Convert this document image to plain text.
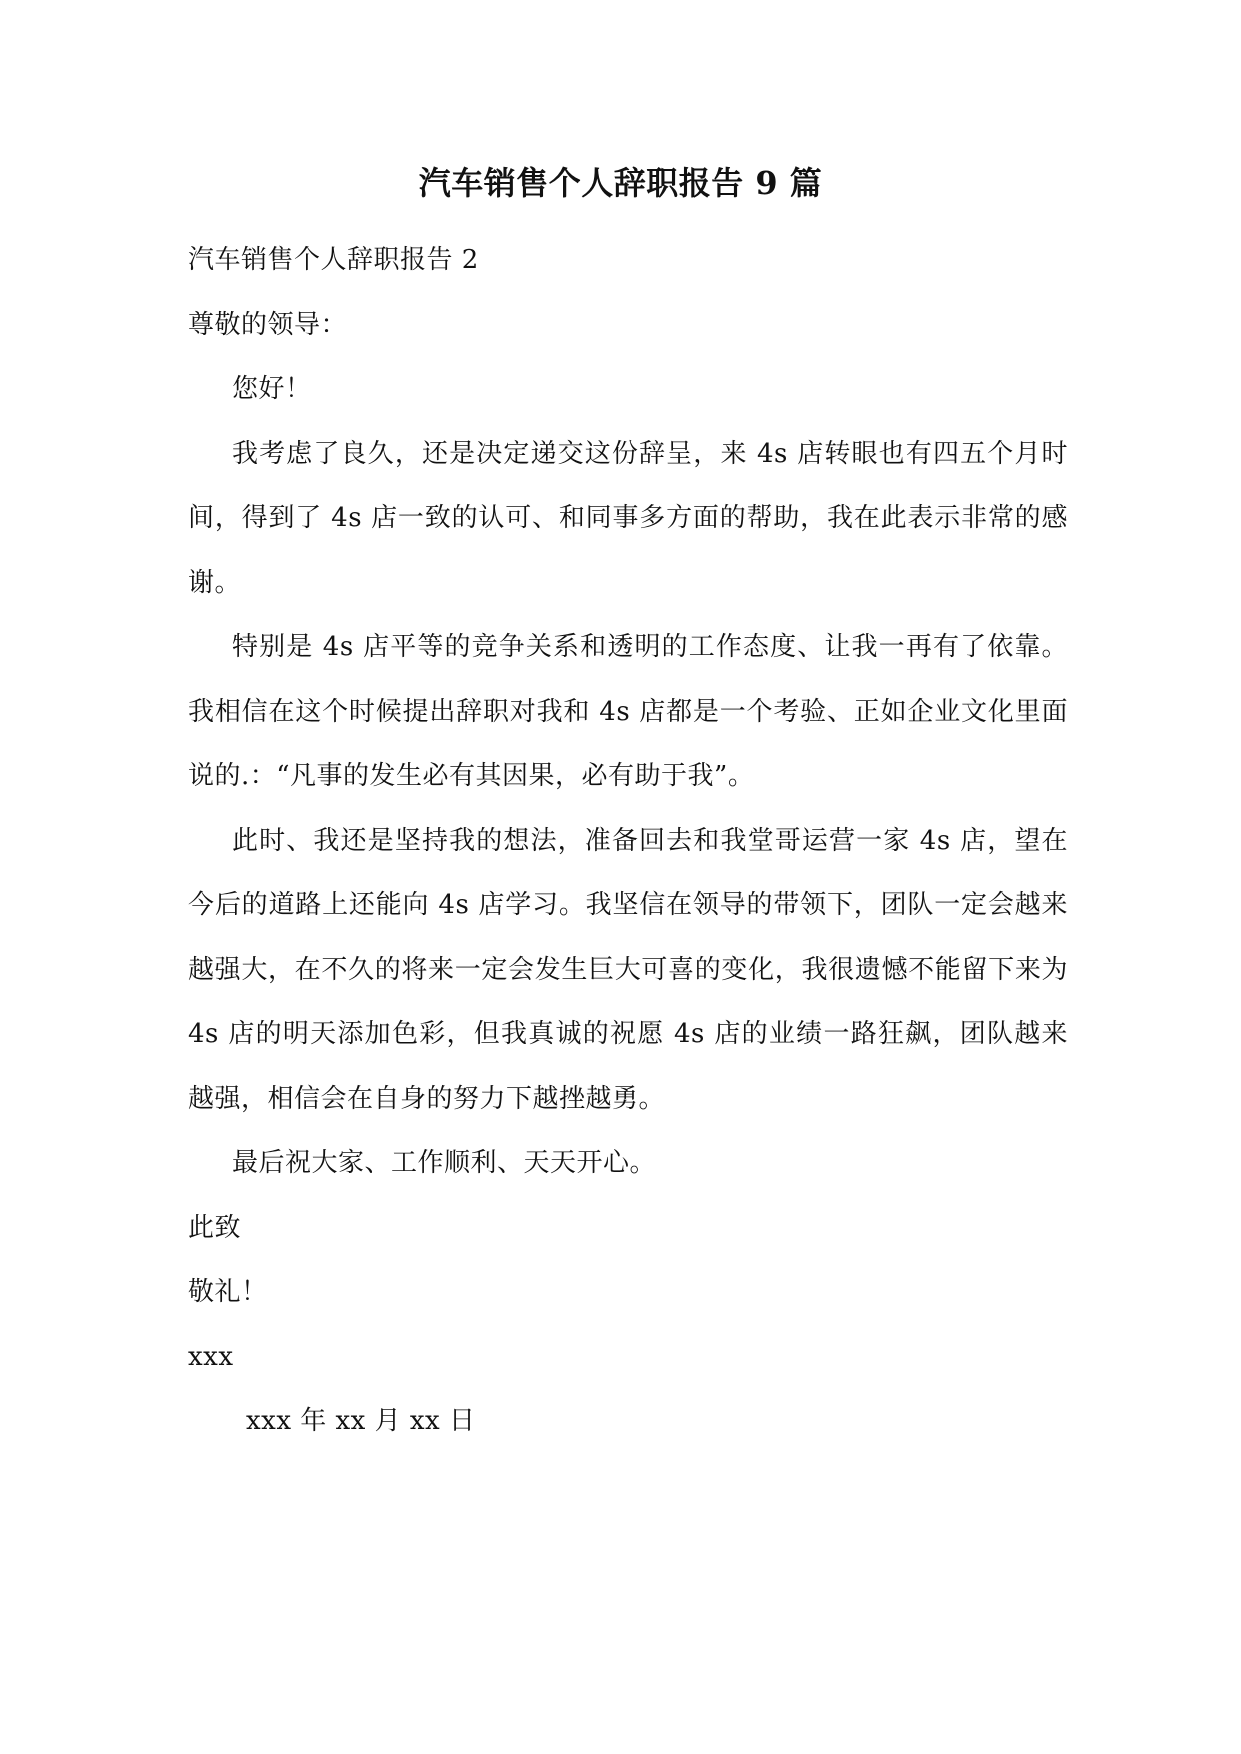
汽车销售个人辞职报告 9 篇

汽车销售个人辞职报告 2

尊敬的领导：

您好！

我考虑了良久，还是决定递交这份辞呈，来 4s 店转眼也有四五个月时间，得到了 4s 店一致的认可、和同事多方面的帮助，我在此表示非常的感谢。

特别是 4s 店平等的竞争关系和透明的工作态度、让我一再有了依靠。我相信在这个时候提出辞职对我和 4s 店都是一个考验、正如企业文化里面说的.：“凡事的发生必有其因果，必有助于我”。

此时、我还是坚持我的想法，准备回去和我堂哥运营一家 4s 店，望在今后的道路上还能向 4s 店学习。我坚信在领导的带领下，团队一定会越来越强大，在不久的将来一定会发生巨大可喜的变化，我很遗憾不能留下来为 4s 店的明天添加色彩，但我真诚的祝愿 4s 店的业绩一路狂飙，团队越来越强，相信会在自身的努力下越挫越勇。

最后祝大家、工作顺利、天天开心。

此致

敬礼！

xxx

xxx 年 xx 月 xx 日
